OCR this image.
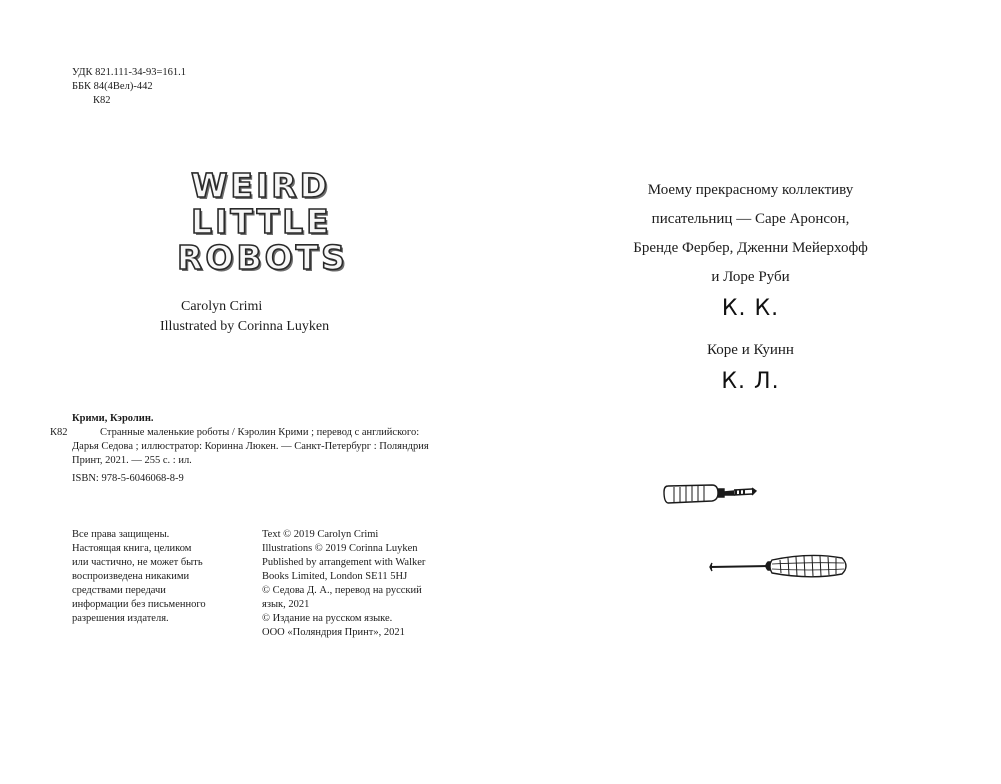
УДК 821.111-34-93=161.1
ББК 84(4Вел)-442
К82
WEIRD
LITTLE
ROBOTS
Carolyn Crimi
Illustrated by Corinna Luyken
Крими, Кэролин.
К82	Странные маленькие роботы / Кэролин Крими ; перевод с английского:
Дарья Седова ; иллюстратор: Коринна Люкен. — Санкт-Петербург : Поляндрия
Принт, 2021. — 255 с. : ил.
ISBN: 978-5-6046068-8-9
Все права защищены.
Настоящая книга, целиком
или частично, не может быть
воспроизведена никакими
средствами передачи
информации без письменного
разрешения издателя.
Text © 2019 Carolyn Crimi
Illustrations © 2019 Corinna Luyken
Published by arrangement with Walker
Books Limited, London SE11 5HJ
© Седова Д. А., перевод на русский
язык, 2021
© Издание на русском языке.
ООО «Поляндрия Принт», 2021
Моему прекрасному коллективу
писательниц — Саре Аронсон,
Бренде Фербер, Дженни Мейерхофф
и Лоре Руби
К. К.
Коре и Куинн
К. Л.
